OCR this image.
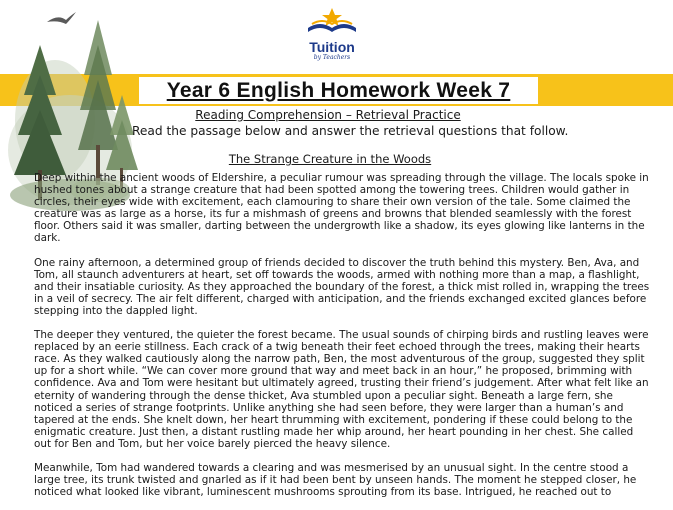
Tuition
by Teachers
Year 6 English Homework Week 7
Reading Comprehension – Retrieval Practice
Read the passage below and answer the retrieval questions that follow.
The Strange Creature in the Woods

Deep within the ancient woods of Eldershire, a peculiar rumour was spreading through the village. The locals spoke in hushed tones about a strange creature that had been spotted among the towering trees. Children would gather in circles, their eyes wide with excitement, each clamouring to share their own version of the tale. Some claimed the creature was as large as a horse, its fur a mishmash of greens and browns that blended seamlessly with the forest floor. Others said it was smaller, darting between the undergrowth like a shadow, its eyes glowing like lanterns in the dark.

One rainy afternoon, a determined group of friends decided to discover the truth behind this mystery. Ben, Ava, and Tom, all staunch adventurers at heart, set off towards the woods, armed with nothing more than a map, a flashlight, and their insatiable curiosity. As they approached the boundary of the forest, a thick mist rolled in, wrapping the trees in a veil of secrecy. The air felt different, charged with anticipation, and the friends exchanged excited glances before stepping into the dappled light.

The deeper they ventured, the quieter the forest became. The usual sounds of chirping birds and rustling leaves were replaced by an eerie stillness. Each crack of a twig beneath their feet echoed through the trees, making their hearts race. As they walked cautiously along the narrow path, Ben, the most adventurous of the group, suggested they split up for a short while. “We can cover more ground that way and meet back in an hour,” he proposed, brimming with confidence. Ava and Tom were hesitant but ultimately agreed, trusting their friend’s judgement. After what felt like an eternity of wandering through the dense thicket, Ava stumbled upon a peculiar sight. Beneath a large fern, she noticed a series of strange footprints. Unlike anything she had seen before, they were larger than a human’s and tapered at the ends. She knelt down, her heart thrumming with excitement, pondering if these could belong to the enigmatic creature. Just then, a distant rustling made her whip around, her heart pounding in her chest. She called out for Ben and Tom, but her voice barely pierced the heavy silence.

Meanwhile, Tom had wandered towards a clearing and was mesmerised by an unusual sight. In the centre stood a large tree, its trunk twisted and gnarled as if it had been bent by unseen hands. The moment he stepped closer, he noticed what looked like vibrant, luminescent mushrooms sprouting from its base. Intrigued, he reached out to
